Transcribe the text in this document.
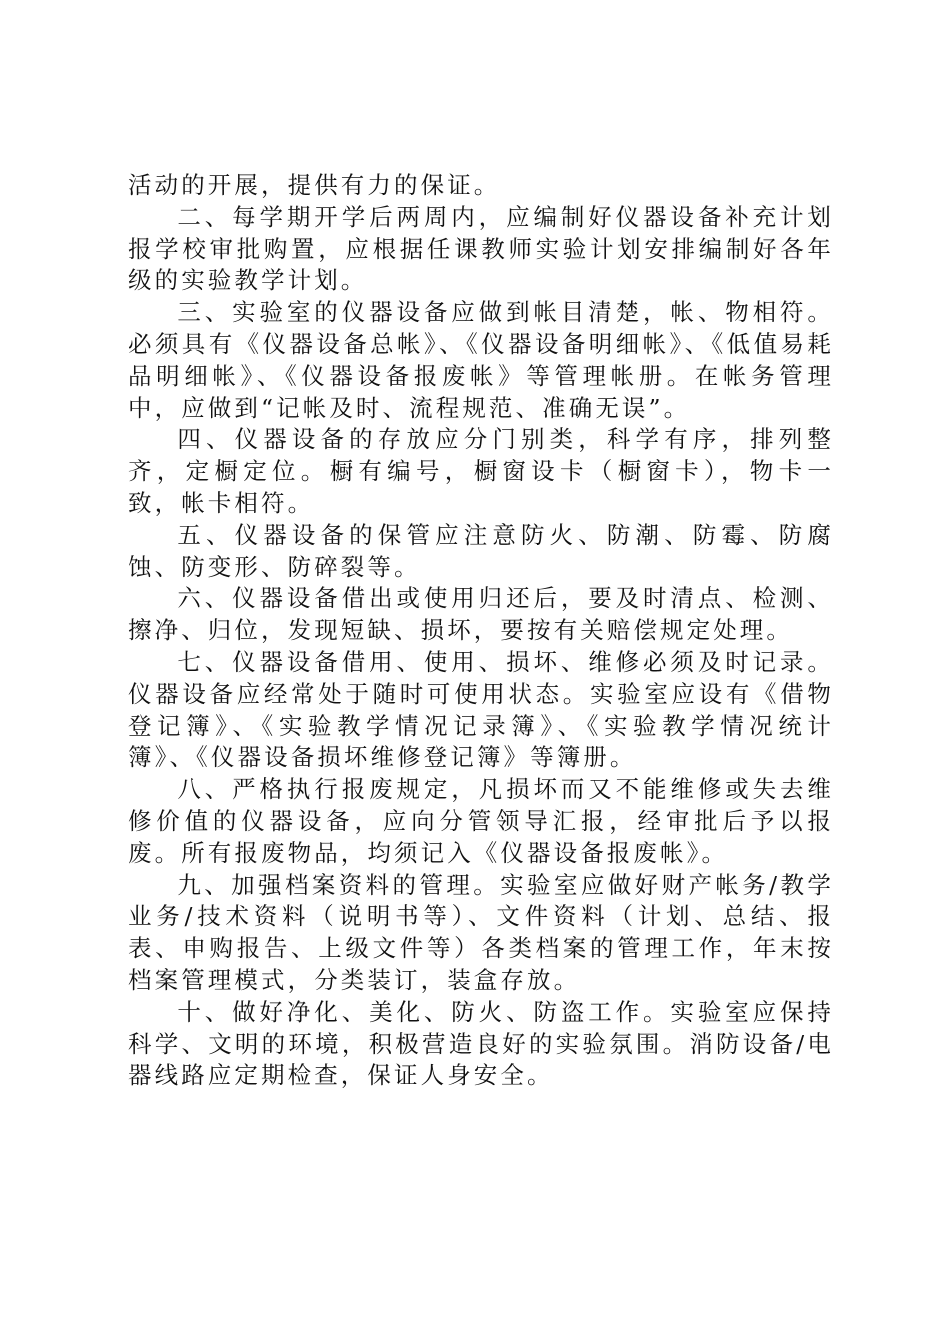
活动的开展，提供有力的保证。

二、每学期开学后两周内，应编制好仪器设备补充计划报学校审批购置，应根据任课教师实验计划安排编制好各年级的实验教学计划。

三、实验室的仪器设备应做到帐目清楚，帐、物相符。必须具有《仪器设备总帐》、《仪器设备明细帐》、《低值易耗品明细帐》、《仪器设备报废帐》等管理帐册。在帐务管理中，应做到“记帐及时、流程规范、准确无误”。

四、仪器设备的存放应分门别类，科学有序，排列整齐，定橱定位。橱有编号，橱窗设卡（橱窗卡），物卡一致，帐卡相符。

五、仪器设备的保管应注意防火、防潮、防霉、防腐蚀、防变形、防碎裂等。

六、仪器设备借出或使用归还后，要及时清点、检测、擦净、归位，发现短缺、损坏，要按有关赔偿规定处理。

七、仪器设备借用、使用、损坏、维修必须及时记录。仪器设备应经常处于随时可使用状态。实验室应设有《借物登记簿》、《实验教学情况记录簿》、《实验教学情况统计簿》、《仪器设备损坏维修登记簿》等簿册。

八、严格执行报废规定，凡损坏而又不能维修或失去维修价值的仪器设备，应向分管领导汇报，经审批后予以报废。所有报废物品，均须记入《仪器设备报废帐》。

九、加强档案资料的管理。实验室应做好财产帐务/教学业务/技术资料（说明书等）、文件资料（计划、总结、报表、申购报告、上级文件等）各类档案的管理工作，年末按档案管理模式，分类装订，装盒存放。

十、做好净化、美化、防火、防盗工作。实验室应保持科学、文明的环境，积极营造良好的实验氛围。消防设备/电器线路应定期检查，保证人身安全。
